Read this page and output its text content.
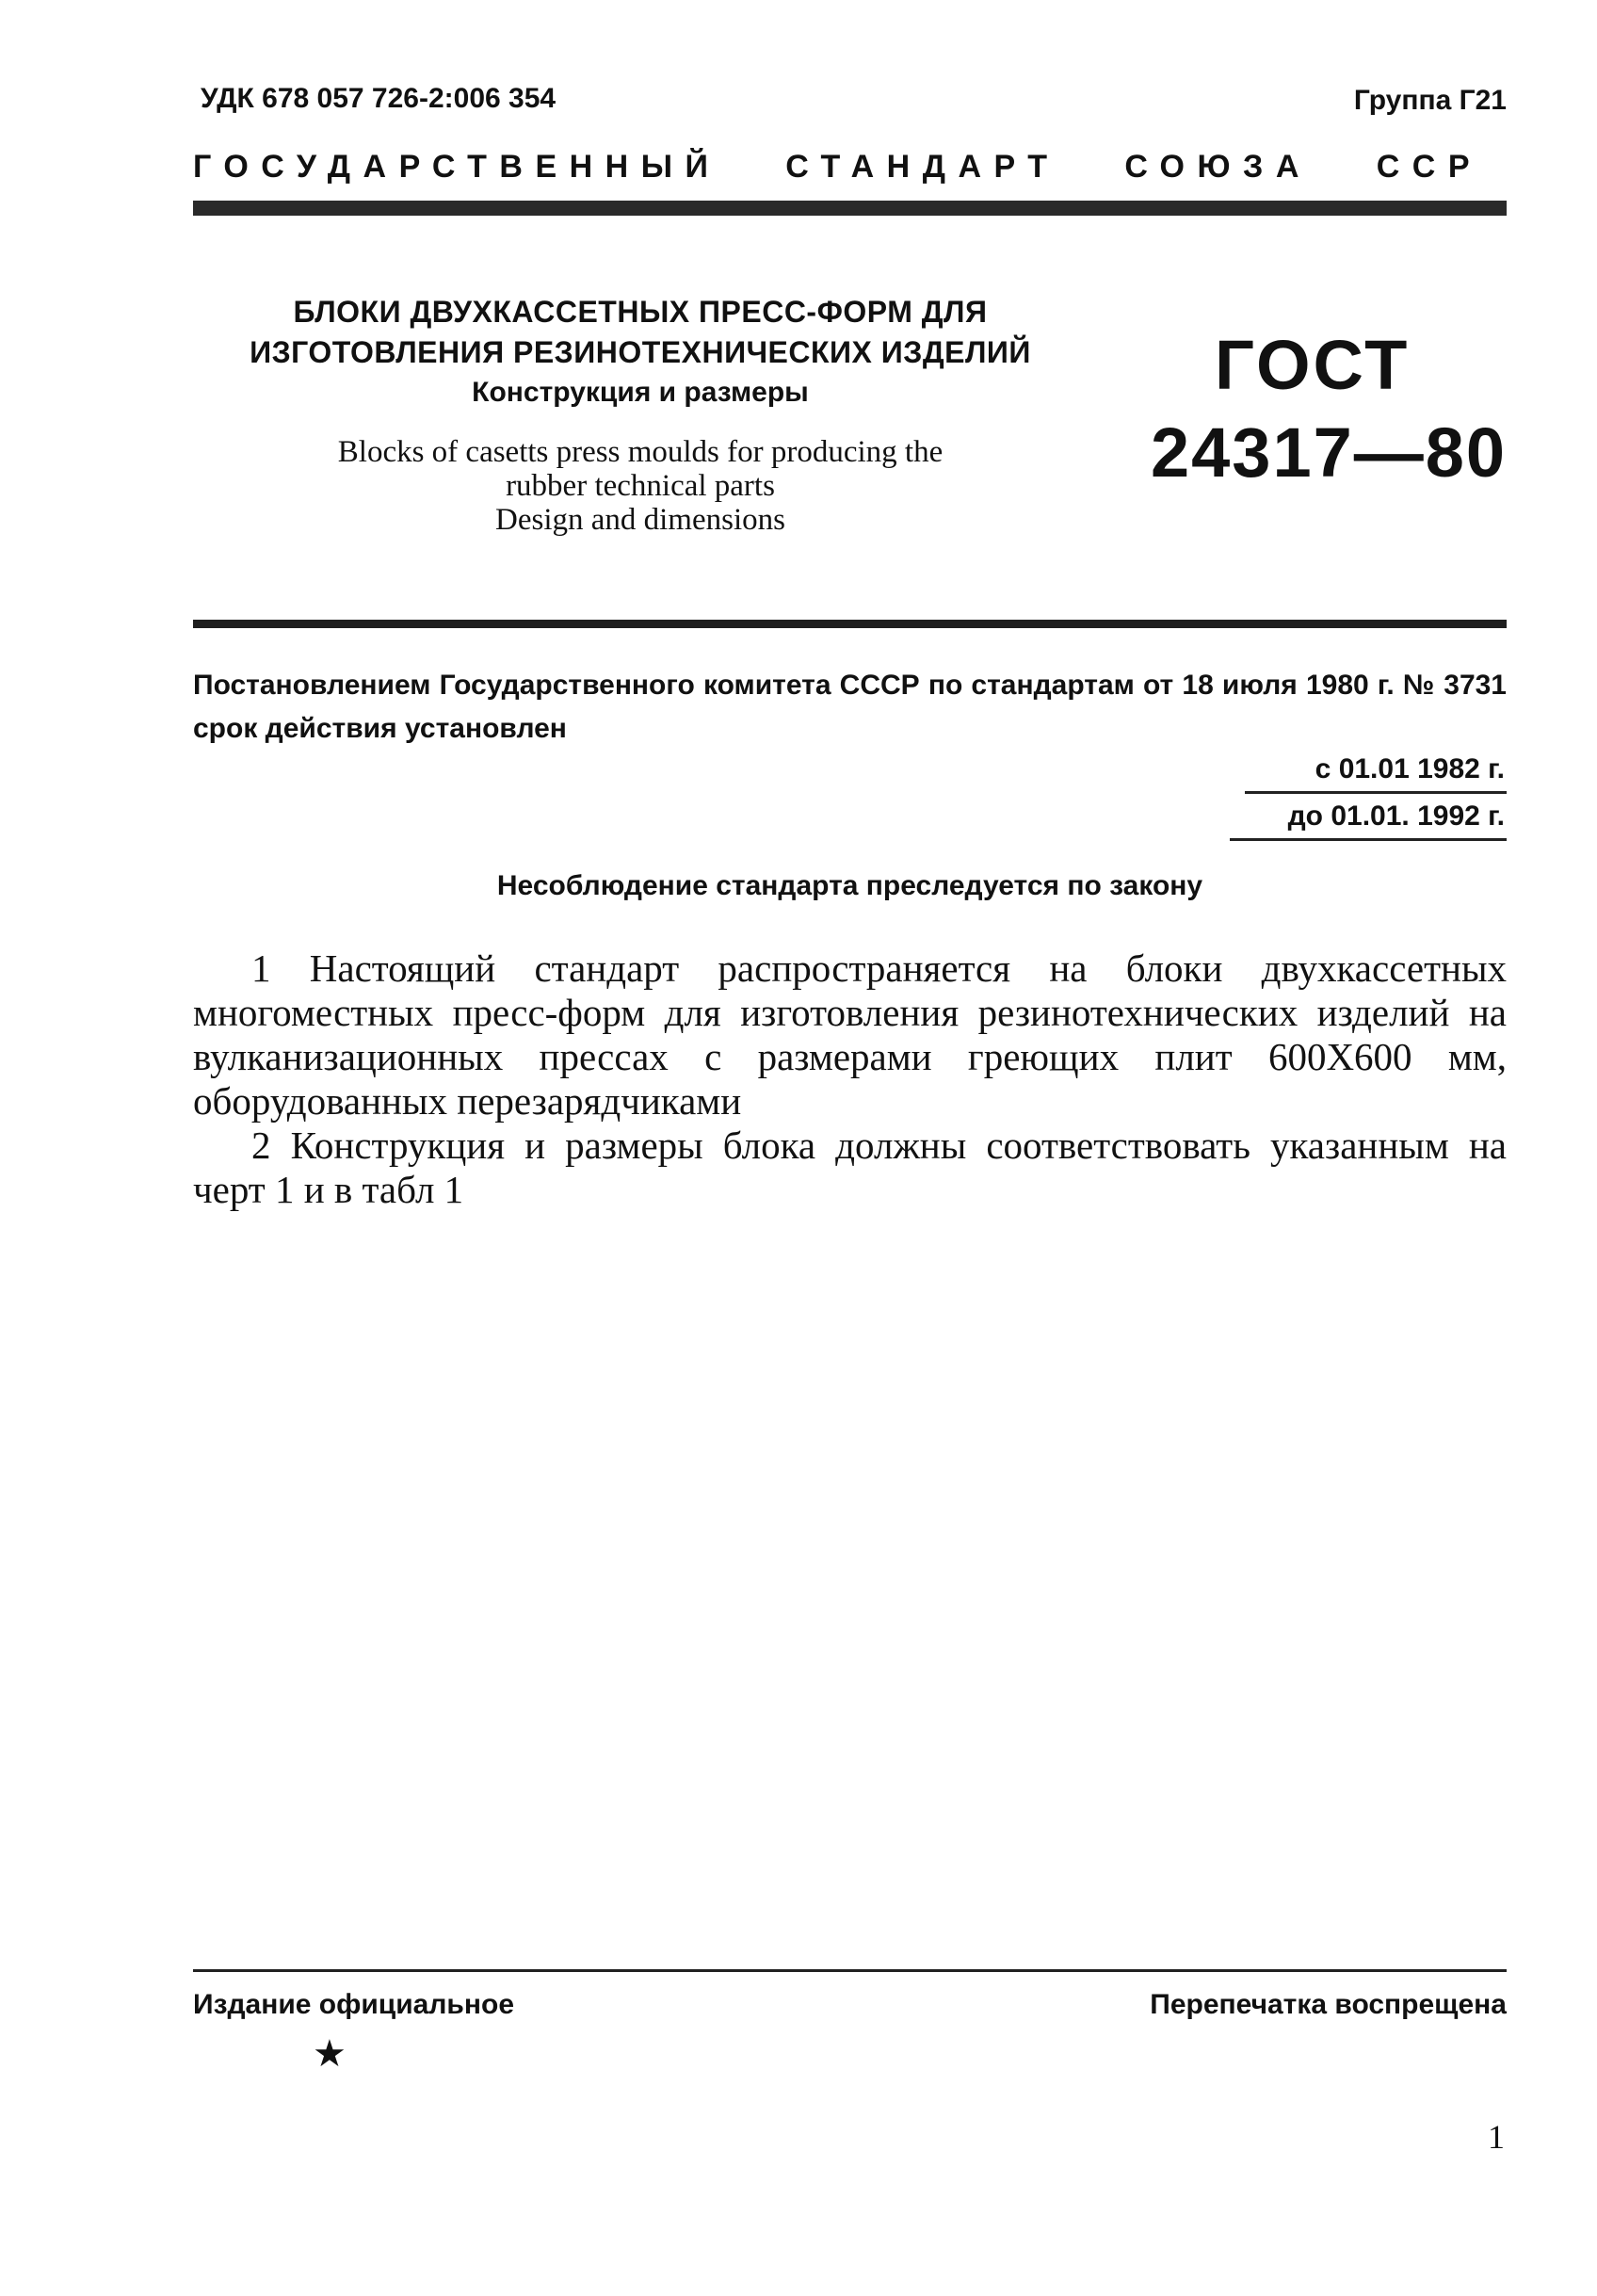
УДК 678 057 726-2:006 354	Группа Г21
ГОСУДАРСТВЕННЫЙ   СТАНДАРТ   СОЮЗА   ССР
БЛОКИ ДВУХКАССЕТНЫХ ПРЕСС-ФОРМ ДЛЯ
ИЗГОТОВЛЕНИЯ РЕЗИНОТЕХНИЧЕСКИХ ИЗДЕЛИЙ
Конструкция и размеры
Blocks of casetts press moulds for producing the
rubber technical parts
Design and dimensions
ГОСТ
24317—80
Постановлением Государственного комитета СССР по стандартам от 18 июля 1980 г. № 3731 срок действия установлен
с 01.01 1982 г.
до 01.01. 1992 г.
Несоблюдение стандарта преследуется по закону

1 Настоящий стандарт распространяется на блоки двухкассетных многоместных пресс-форм для изготовления резинотехнических изделий на вулканизационных прессах с размерами греющих плит 600Х600 мм, оборудованных перезарядчиками

2 Конструкция и размеры блока должны соответствовать указанным на черт 1 и в табл 1

Издание официальное	Перепечатка воспрещена
★
1
